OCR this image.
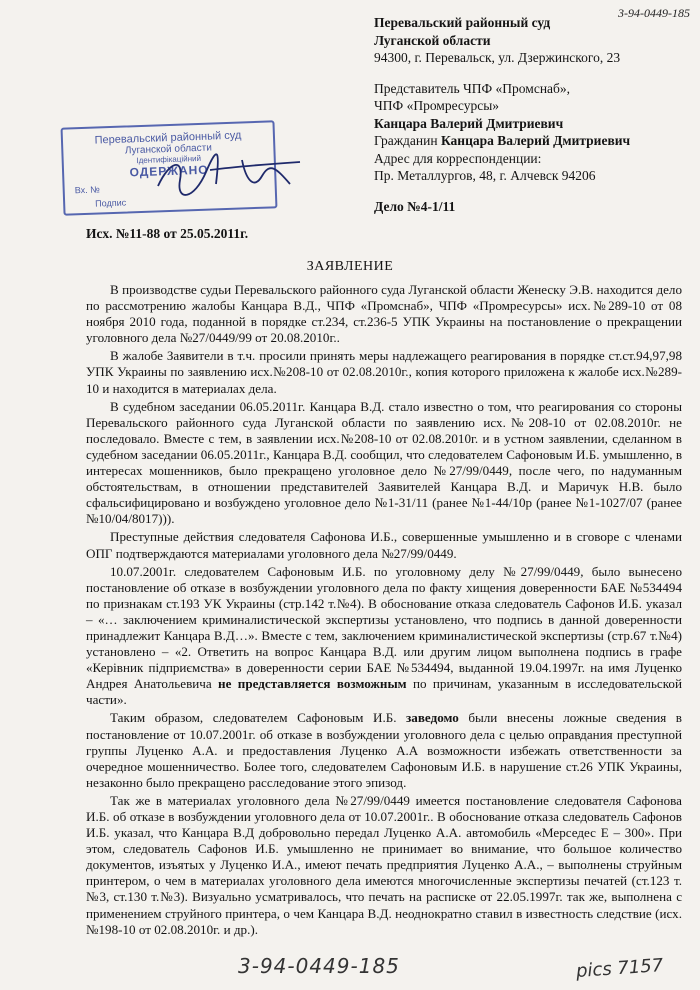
3-94-0449-185
Перевальский районный суд
Луганской области
94300, г. Перевальск, ул. Дзержинского, 23
Представитель ЧПФ «Промснаб»,
ЧПФ «Промресурсы»
Канцара Валерий Дмитриевич
Гражданин Канцара Валерий Дмитриевич
Адрес для корреспонденции:
Пр. Металлургов, 48, г. Алчевск 94206
Дело №4-1/11
Перевальский районный суд
Луганской области
Ідентифікаційний
ОДЕРЖАНО
Вх. №
Подпис
Исх. №11-88 от 25.05.2011г.
ЗАЯВЛЕНИЕ

В производстве судьи Перевальского районного суда Луганской области Женеску Э.В. находится дело по рассмотрению жалобы Канцара В.Д., ЧПФ «Промснаб», ЧПФ «Промресурсы» исх.№289-10 от 08 ноября 2010 года, поданной в порядке ст.234, ст.236-5 УПК Украины на постановление о прекращении уголовного дела №27/0449/99 от 20.08.2010г..

В жалобе Заявители в т.ч. просили принять меры надлежащего реагирования в порядке ст.ст.94,97,98 УПК Украины по заявлению исх.№208-10 от 02.08.2010г., копия которого приложена к жалобе исх.№289-10 и находится в материалах дела.

В судебном заседании 06.05.2011г. Канцара В.Д. стало известно о том, что реагирования со стороны Перевальского районного суда Луганской области по заявлению исх.№208-10 от 02.08.2010г. не последовало. Вместе с тем, в заявлении исх.№208-10 от 02.08.2010г. и в устном заявлении, сделанном в судебном заседании 06.05.2011г., Канцара В.Д. сообщил, что следователем Сафоновым И.Б. умышленно, в интересах мошенников, было прекращено уголовное дело №27/99/0449, после чего, по надуманным обстоятельствам, в отношении представителей Заявителей Канцара В.Д. и Маричук Н.В. было сфальсифицировано и возбуждено уголовное дело №1-31/11 (ранее №1-44/10р (ранее №1-1027/07 (ранее №10/04/8017))).

Преступные действия следователя Сафонова И.Б., совершенные умышленно и в сговоре с членами ОПГ подтверждаются материалами уголовного дела №27/99/0449.

10.07.2001г. следователем Сафоновым И.Б. по уголовному делу №27/99/0449, было вынесено постановление об отказе в возбуждении уголовного дела по факту хищения доверенности БАЕ №534494 по признакам ст.193 УК Украины (стр.142 т.№4). В обоснование отказа следователь Сафонов И.Б. указал – «… заключением криминалистической экспертизы установлено, что подпись в данной доверенности принадлежит Канцара В.Д…». Вместе с тем, заключением криминалистической экспертизы (стр.67 т.№4) установлено – «2. Ответить на вопрос Канцара В.Д. или другим лицом выполнена подпись в графе «Керівник підприємства» в доверенности серии БАЕ №534494, выданной 19.04.1997г. на имя Луценко Андрея Анатольевича не представляется возможным по причинам, указанным в исследовательской части».

Таким образом, следователем Сафоновым И.Б. заведомо были внесены ложные сведения в постановление от 10.07.2001г. об отказе в возбуждении уголовного дела с целью оправдания преступной группы Луценко А.А. и предоставления Луценко А.А возможности избежать ответственности за очередное мошенничество. Более того, следователем Сафоновым И.Б. в нарушение ст.26 УПК Украины, незаконно было прекращено расследование этого эпизод.

Так же в материалах уголовного дела №27/99/0449 имеется постановление следователя Сафонова И.Б. об отказе в возбуждении уголовного дела от 10.07.2001г.. В обоснование отказа следователь Сафонов И.Б. указал, что Канцара В.Д добровольно передал Луценко А.А. автомобиль «Мерседес Е – 300». При этом, следователь Сафонов И.Б. умышленно не принимает во внимание, что большое количество документов, изъятых у Луценко И.А., имеют печать предприятия Луценко А.А., – выполнены струйным принтером, о чем в материалах уголовного дела имеются многочисленные экспертизы печатей (ст.123 т.№3, ст.130 т.№3). Визуально усматривалось, что печать на расписке от 22.05.1997г. так же, выполнена с применением струйного принтера, о чем Канцара В.Д. неоднократно ставил в известность следствие (исх.№198-10 от 02.08.2010г. и др.).

3-94-0449-185	pics 7157
